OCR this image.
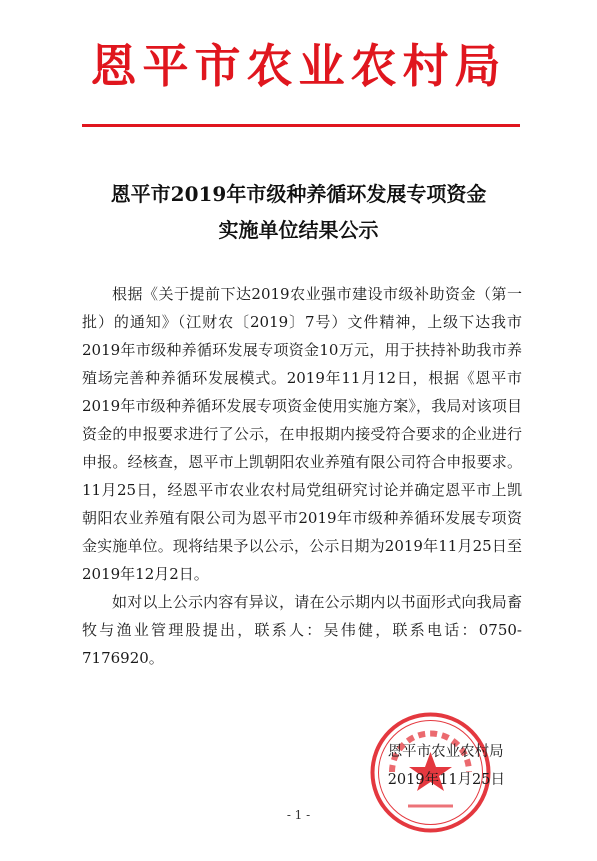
恩平市农业农村局
恩平市2019年市级种养循环发展专项资金
实施单位结果公示

根据《关于提前下达2019农业强市建设市级补助资金（第一批）的通知》（江财农〔2019〕7号）文件精神，上级下达我市2019年市级种养循环发展专项资金10万元，用于扶持补助我市养殖场完善种养循环发展模式。2019年11月12日，根据《恩平市2019年市级种养循环发展专项资金使用实施方案》，我局对该项目资金的申报要求进行了公示，在申报期内接受符合要求的企业进行申报。经核查，恩平市上凯朝阳农业养殖有限公司符合申报要求。11月25日，经恩平市农业农村局党组研究讨论并确定恩平市上凯朝阳农业养殖有限公司为恩平市2019年市级种养循环发展专项资金实施单位。现将结果予以公示，公示日期为2019年11月25日至2019年12月2日。

如对以上公示内容有异议，请在公示期内以书面形式向我局畜牧与渔业管理股提出，联系人：吴伟健，联系电话：0750-7176920。

恩平市农业农村局
2019年11月25日
- 1 -
